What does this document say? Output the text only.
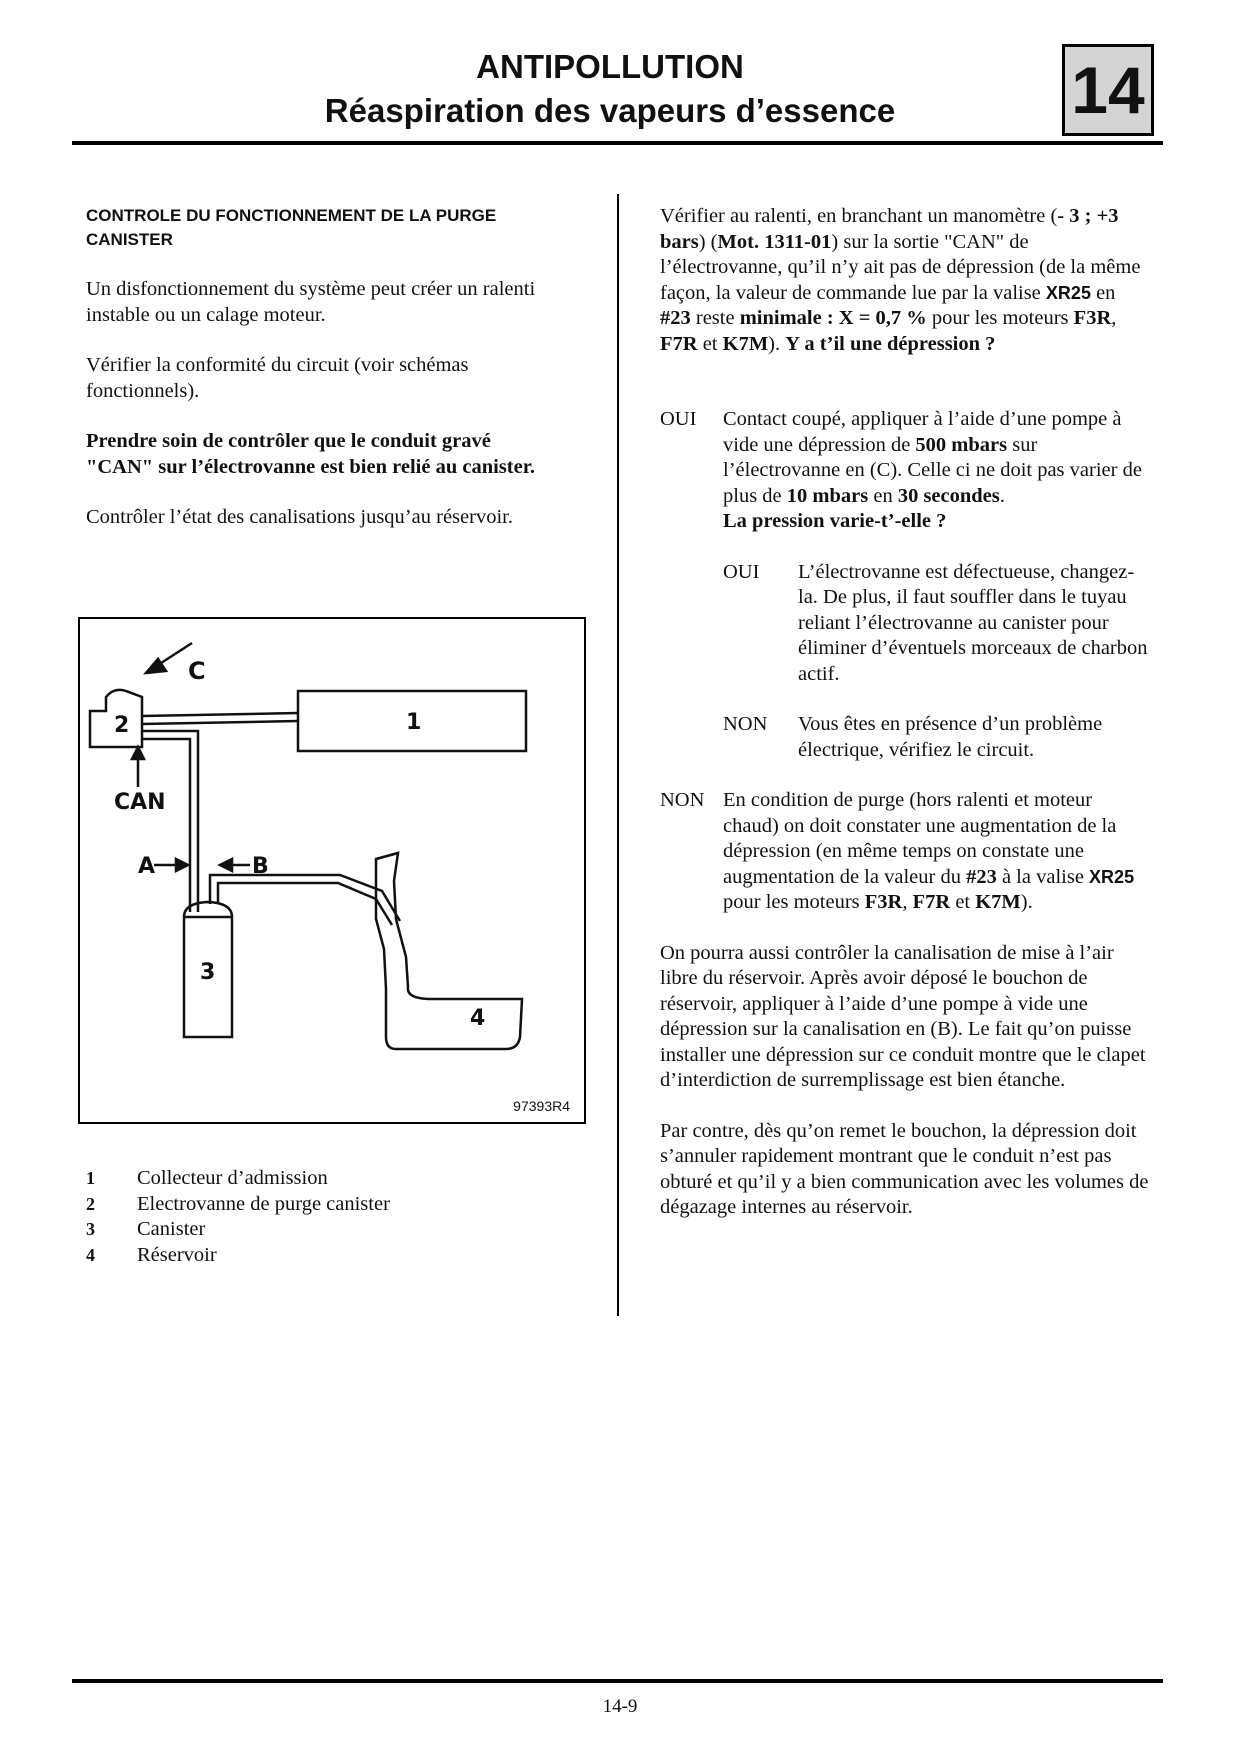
ANTIPOLLUTION
Réaspiration des vapeurs d’essence	14

CONTROLE DU FONCTIONNEMENT DE LA PURGE CANISTER

Un disfonctionnement du système peut créer un ralenti instable ou un calage moteur.

Vérifier la conformité du circuit (voir schémas fonctionnels).

Prendre soin de contrôler que le conduit gravé "CAN" sur l’électrovanne est bien relié au canister.

Contrôler l’état des canalisations jusqu’au réservoir.

C
1
2
CAN
A	B
3
4
97393R4
1	Collecteur d’admission
2	Electrovanne de purge canister
3	Canister
4	Réservoir

Vérifier au ralenti, en branchant un manomètre (- 3 ; +3 bars) (Mot. 1311-01) sur la sortie "CAN" de l’électrovanne, qu’il n’y ait pas de dépression (de la même façon, la valeur de commande lue par la valise XR25 en #23 reste minimale : X = 0,7 % pour les moteurs F3R, F7R et K7M). Y a t’il une dépression ?

OUI	Contact coupé, appliquer à l’aide d’une pompe à vide une dépression de 500 mbars sur l’électrovanne en (C). Celle ci ne doit pas varier de plus de 10 mbars en 30 secondes.
La pression varie-t’-elle ?

OUI	L’électrovanne est défectueuse, changez-la. De plus, il faut souffler dans le tuyau reliant l’électrovanne au canister pour éliminer d’éventuels morceaux de charbon actif.
NON	Vous êtes en présence d’un problème électrique, vérifiez le circuit.
NON En condition de purge (hors ralenti et moteur chaud) on doit constater une augmentation de la dépression (en même temps on constate une augmentation de la valeur du #23 à la valise XR25 pour les moteurs F3R, F7R et K7M).

On pourra aussi contrôler la canalisation de mise à l’air libre du réservoir. Après avoir déposé le bouchon de réservoir, appliquer à l’aide d’une pompe à vide une dépression sur la canalisation en (B). Le fait qu’on puisse installer une dépression sur ce conduit montre que le clapet d’interdiction de surremplissage est bien étanche.

Par contre, dès qu’on remet le bouchon, la dépression doit s’annuler rapidement montrant que le conduit n’est pas obturé et qu’il y a bien communication avec les volumes de dégazage internes au réservoir.

14-9
